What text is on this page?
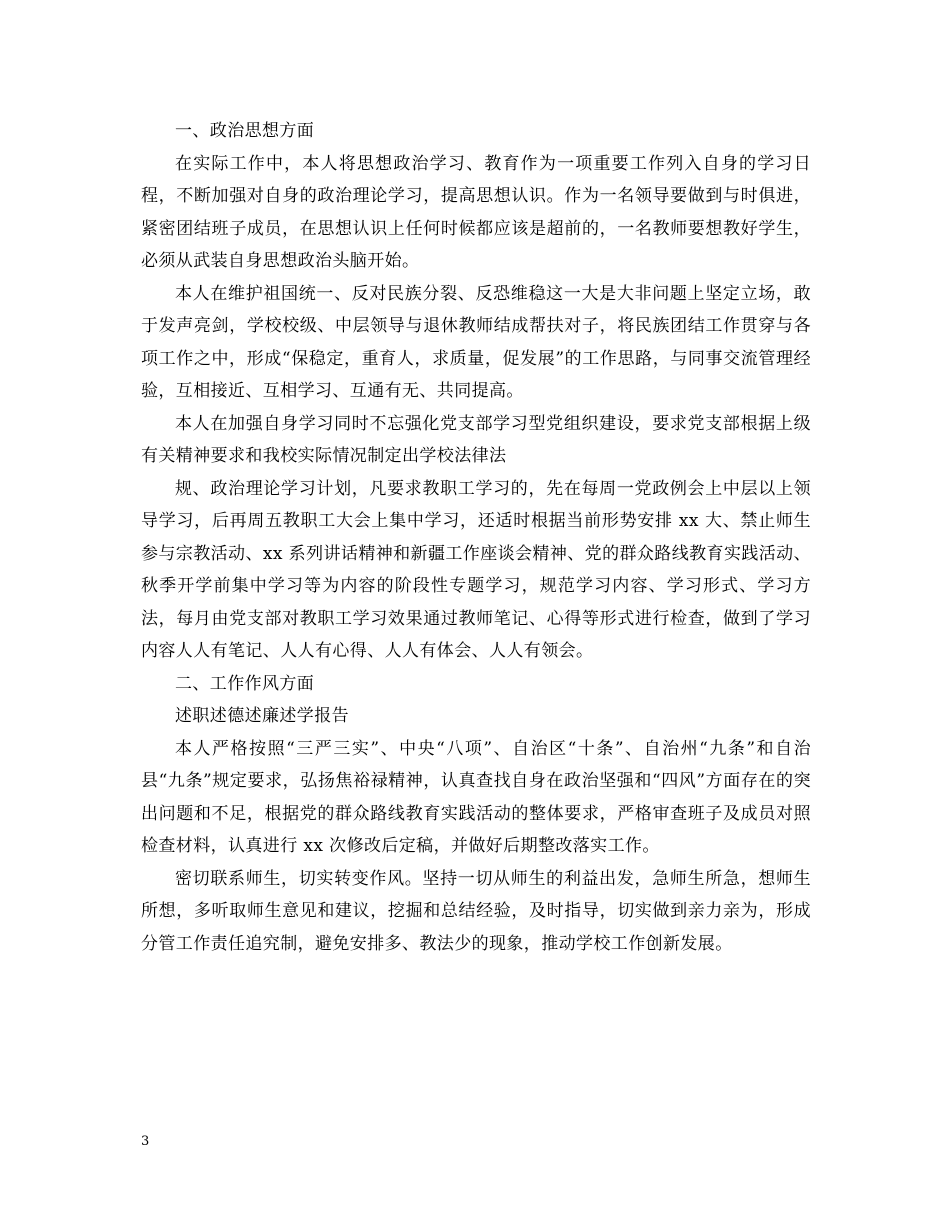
一、政治思想方面

在实际工作中，本人将思想政治学习、教育作为一项重要工作列入自身的学习日程，不断加强对自身的政治理论学习，提高思想认识。作为一名领导要做到与时俱进，紧密团结班子成员，在思想认识上任何时候都应该是超前的，一名教师要想教好学生，必须从武装自身思想政治头脑开始。

本人在维护祖国统一、反对民族分裂、反恐维稳这一大是大非问题上坚定立场，敢于发声亮剑，学校校级、中层领导与退休教师结成帮扶对子，将民族团结工作贯穿与各项工作之中，形成“保稳定，重育人，求质量，促发展”的工作思路，与同事交流管理经验，互相接近、互相学习、互通有无、共同提高。

本人在加强自身学习同时不忘强化党支部学习型党组织建设，要求党支部根据上级有关精神要求和我校实际情况制定出学校法律法

规、政治理论学习计划，凡要求教职工学习的，先在每周一党政例会上中层以上领导学习，后再周五教职工大会上集中学习，还适时根据当前形势安排 xx 大、禁止师生参与宗教活动、xx 系列讲话精神和新疆工作座谈会精神、党的群众路线教育实践活动、秋季开学前集中学习等为内容的阶段性专题学习，规范学习内容、学习形式、学习方法，每月由党支部对教职工学习效果通过教师笔记、心得等形式进行检查，做到了学习内容人人有笔记、人人有心得、人人有体会、人人有领会。

二、工作作风方面

述职述德述廉述学报告

本人严格按照“三严三实”、中央“八项”、自治区“十条”、自治州“九条”和自治县“九条”规定要求，弘扬焦裕禄精神，认真查找自身在政治坚强和“四风”方面存在的突出问题和不足，根据党的群众路线教育实践活动的整体要求，严格审查班子及成员对照检查材料，认真进行 xx 次修改后定稿，并做好后期整改落实工作。

密切联系师生，切实转变作风。坚持一切从师生的利益出发，急师生所急，想师生所想，多听取师生意见和建议，挖掘和总结经验，及时指导，切实做到亲力亲为，形成分管工作责任追究制，避免安排多、教法少的现象，推动学校工作创新发展。

3
